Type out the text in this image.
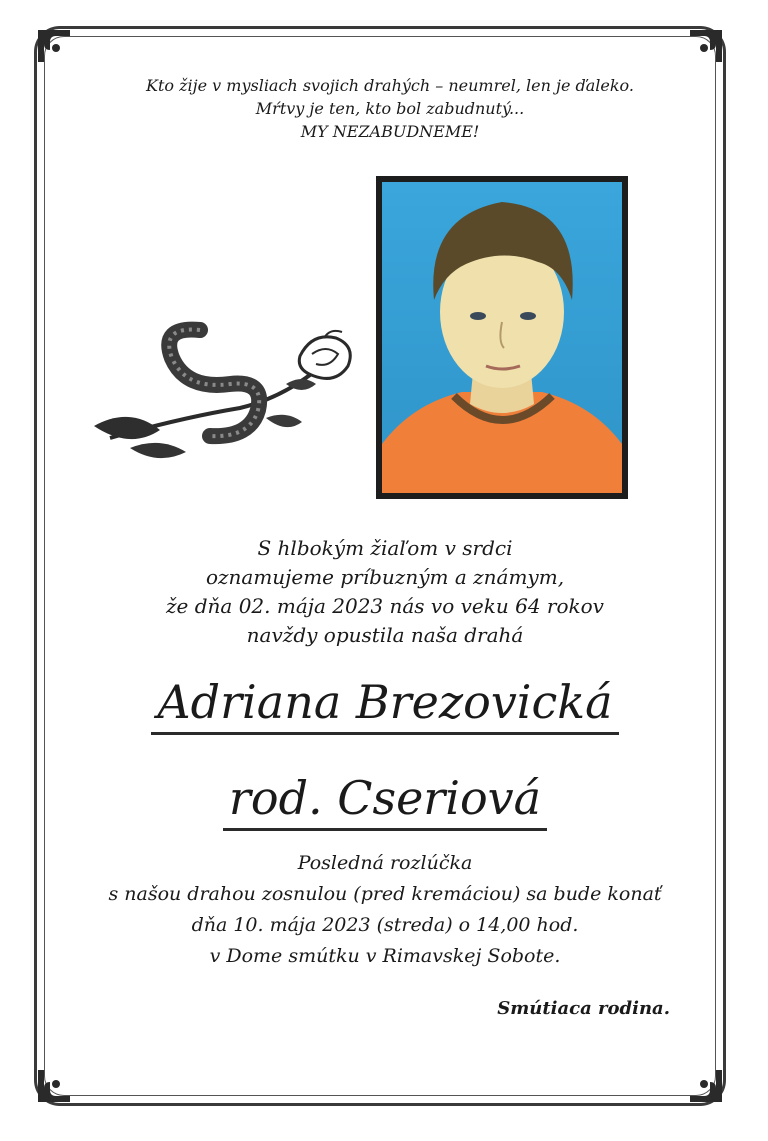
Kto žije v mysliach svojich drahých – neumrel, len je ďaleko.
Mŕtvy je ten, kto bol zabudnutý...
MY NEZABUDNEME!
S hlbokým žiaľom v srdci
oznamujeme príbuzným a známym,
že dňa 02. mája 2023 nás vo veku 64 rokov
navždy opustila naša drahá
Adriana Brezovická
rod. Cseriová
Posledná rozlúčka
s našou drahou zosnulou (pred kremáciou) sa bude konať
dňa 10. mája 2023 (streda) o 14,00 hod.
v Dome smútku v Rimavskej Sobote.
Smútiaca rodina.
